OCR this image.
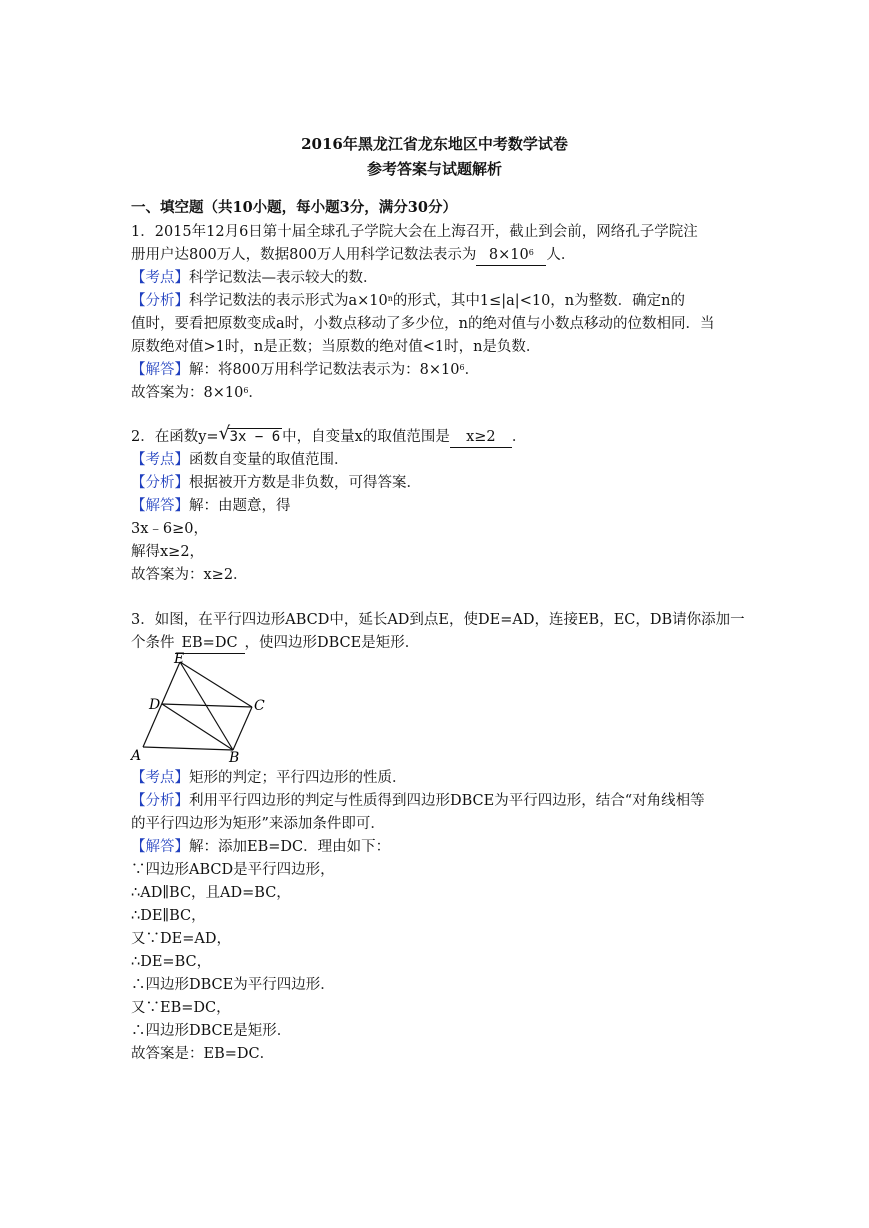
2016年黑龙江省龙东地区中考数学试卷
参考答案与试题解析
一、填空题（共10小题，每小题3分，满分30分）
1．2015年12月6日第十届全球孔子学院大会在上海召开，截止到会前，网络孔子学院注
册用户达800万人，数据800万人用科学记数法表示为 $8\times 10^6$ 人．
【考点】科学记数法—表示较大的数．
【分析】科学记数法的表示形式为$a\times 10^n$的形式，其中1≤|a|<10，n为整数．确定n的
值时，要看把原数变成a时，小数点移动了多少位，n的绝对值与小数点移动的位数相同．当
原数绝对值>1时，n是正数；当原数的绝对值<1时，n是负数．
【解答】解：将800万用科学记数法表示为：$8\times 10^6$．
故答案为：$8\times 10^6$．
2．在函数y= √ 3x − 6 中，自变量x的取值范围是 x≥2 ．
【考点】函数自变量的取值范围．
【分析】根据被开方数是非负数，可得答案．
【解答】解：由题意，得
3x﹣6≥0，
解得x≥2，
故答案为：x≥2．
3．如图，在平行四边形ABCD中，延长AD到点E，使DE=AD，连接EB，EC，DB请你添加一
个条件 EB=DC ，使四边形DBCE是矩形．
E
D	C
A	B
【考点】矩形的判定；平行四边形的性质．
【分析】利用平行四边形的判定与性质得到四边形DBCE为平行四边形，结合“对角线相等
的平行四边形为矩形”来添加条件即可．
【解答】解：添加EB=DC．理由如下：
∵四边形ABCD是平行四边形，
∴AD∥BC，且AD=BC，
∴DE∥BC，
又∵DE=AD，
∴DE=BC，
∴四边形DBCE为平行四边形．
又∵EB=DC，
∴四边形DBCE是矩形．
故答案是：EB=DC．
